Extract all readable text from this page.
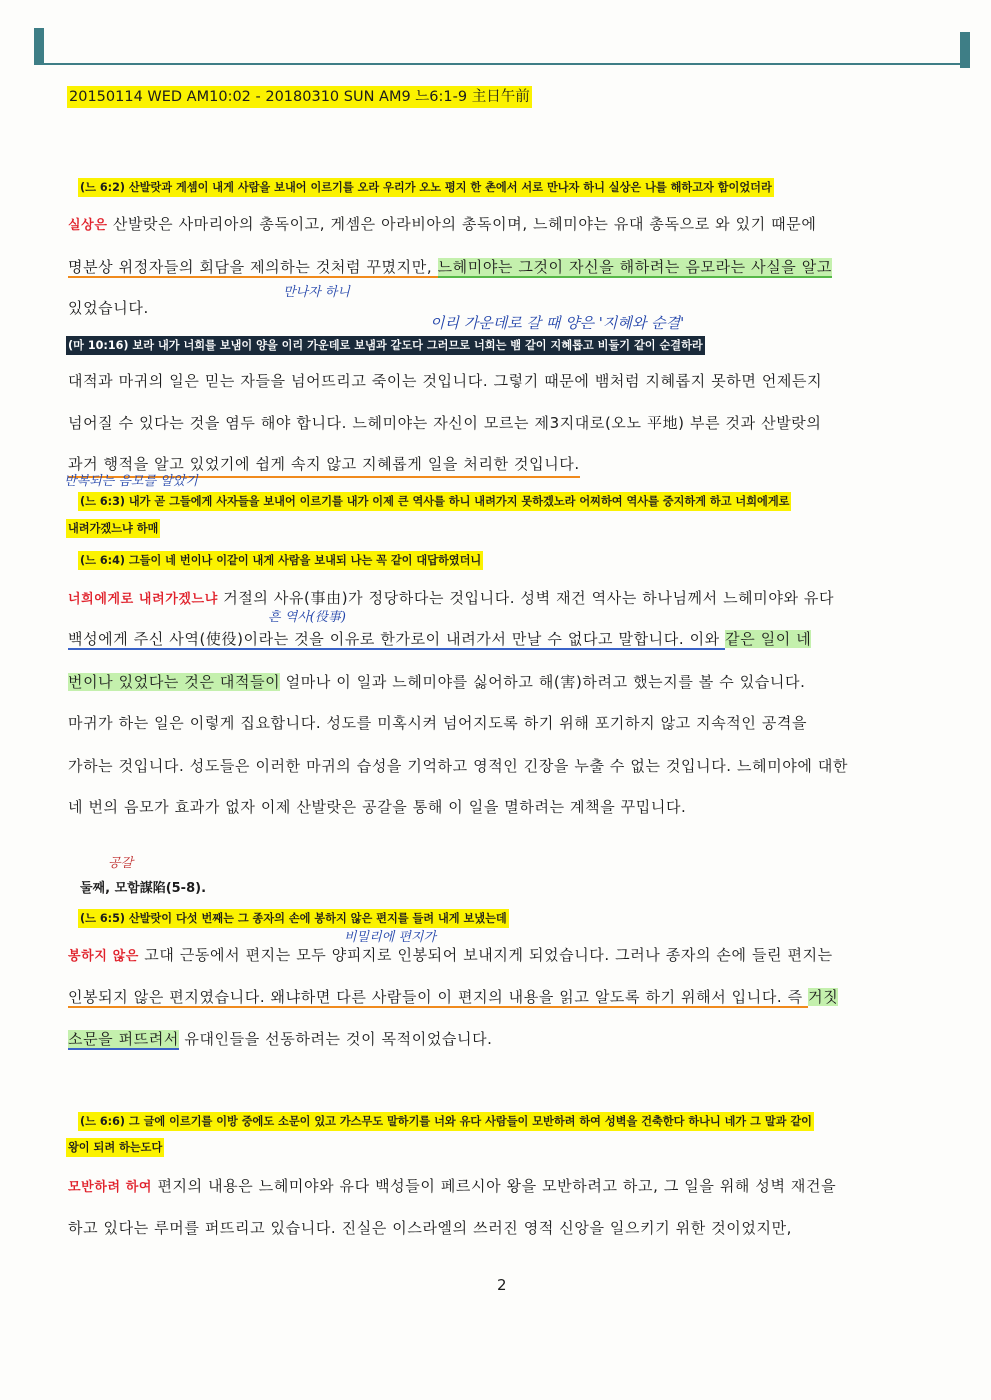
20150114 WED AM10:02 - 20180310 SUN AM9 느6:1-9 主日午前
(느 6:2) 산발랏과 게셈이 내게 사람을 보내어 이르기를 오라 우리가 오노 평지 한 촌에서 서로 만나자 하니 실상은 나를 해하고자 함이었더라
실상은 산발랏은 사마리아의 총독이고, 게셈은 아라비아의 총독이며, 느헤미야는 유대 총독으로 와 있기 때문에
명분상 위정자들의 회담을 제의하는 것처럼 꾸몄지만, 느헤미야는 그것이 자신을 해하려는 음모라는 사실을 알고
만나자 하니
있었습니다.
이리 가운데로 갈 때 양은 '지혜와 순결'
(마 10:16) 보라 내가 너희를 보냄이 양을 이리 가운데로 보냄과 같도다 그러므로 너희는 뱀 같이 지혜롭고 비둘기 같이 순결하라
대적과 마귀의 일은 믿는 자들을 넘어뜨리고 죽이는 것입니다. 그렇기 때문에 뱀처럼 지혜롭지 못하면 언제든지
넘어질 수 있다는 것을 염두 해야 합니다. 느헤미야는 자신이 모르는 제3지대로(오노 平地) 부른 것과 산발랏의
과거 행적을 알고 있었기에 쉽게 속지 않고 지혜롭게 일을 처리한 것입니다.
반복되는 음모를 알았기
(느 6:3) 내가 곧 그들에게 사자들을 보내어 이르기를 내가 이제 큰 역사를 하니 내려가지 못하겠노라 어찌하여 역사를 중지하게 하고 너희에게로
내려가겠느냐 하매
(느 6:4) 그들이 네 번이나 이같이 내게 사람을 보내되 나는 꼭 같이 대답하였더니
너희에게로 내려가겠느냐 거절의 사유(事由)가 정당하다는 것입니다. 성벽 재건 역사는 하나님께서 느헤미야와 유다
흔 역사(役事)
백성에게 주신 사역(使役)이라는 것을 이유로 한가로이 내려가서 만날 수 없다고 말합니다. 이와 같은 일이 네
번이나 있었다는 것은 대적들이 얼마나 이 일과 느헤미야를 싫어하고 해(害)하려고 했는지를 볼 수 있습니다.
마귀가 하는 일은 이렇게 집요합니다. 성도를 미혹시켜 넘어지도록 하기 위해 포기하지 않고 지속적인 공격을
가하는 것입니다. 성도들은 이러한 마귀의 습성을 기억하고 영적인 긴장을 누출 수 없는 것입니다. 느헤미야에 대한
네 번의 음모가 효과가 없자 이제 산발랏은 공갈을 통해 이 일을 멸하려는 계책을 꾸밉니다.
공갈
둘째, 모함謀陷(5-8).
(느 6:5) 산발랏이 다섯 번째는 그 종자의 손에 봉하지 않은 편지를 들려 내게 보냈는데
비밀리에 편지가
봉하지 않은 고대 근동에서 편지는 모두 양피지로 인봉되어 보내지게 되었습니다. 그러나 종자의 손에 들린 편지는
인봉되지 않은 편지였습니다. 왜냐하면 다른 사람들이 이 편지의 내용을 읽고 알도록 하기 위해서 입니다. 즉 거짓
소문을 퍼뜨려서 유대인들을 선동하려는 것이 목적이었습니다.
(느 6:6) 그 글에 이르기를 이방 중에도 소문이 있고 가스무도 말하기를 너와 유다 사람들이 모반하려 하여 성벽을 건축한다 하나니 네가 그 말과 같이
왕이 되려 하는도다
모반하려 하여 편지의 내용은 느헤미야와 유다 백성들이 페르시아 왕을 모반하려고 하고, 그 일을 위해 성벽 재건을
하고 있다는 루머를 퍼뜨리고 있습니다. 진실은 이스라엘의 쓰러진 영적 신앙을 일으키기 위한 것이었지만,
2
